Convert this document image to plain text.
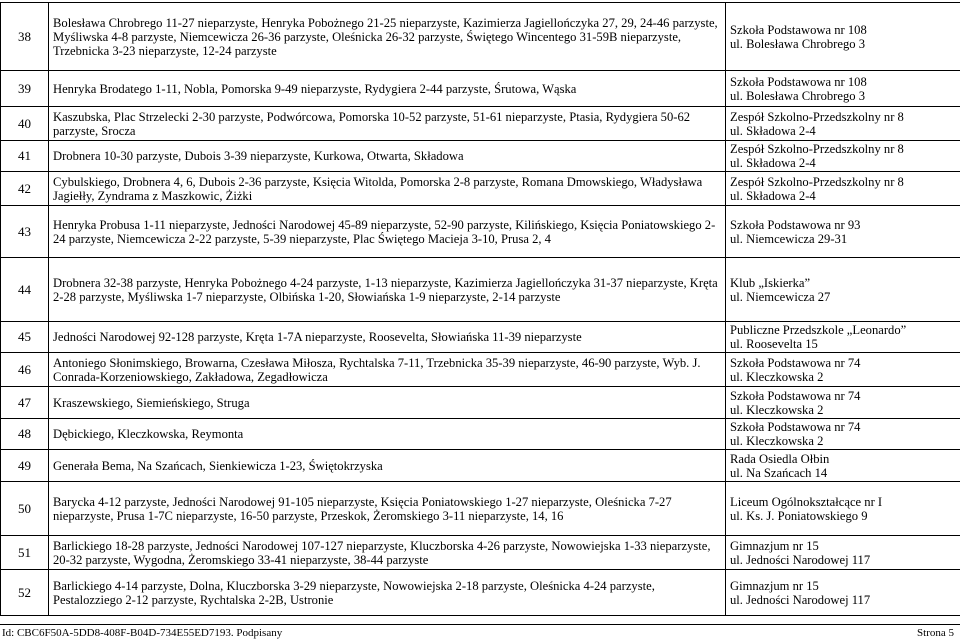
38	Bolesława Chrobrego 11-27 nieparzyste, Henryka Pobożnego 21-25 nieparzyste, Kazimierza Jagiellończyka 27, 29, 24-46 parzyste, Myśliwska 4-8 parzyste, Niemcewicza 26-36 parzyste, Oleśnicka 26-32 parzyste, Świętego Wincentego 31-59B nieparzyste, Trzebnicka 3-23 nieparzyste, 12-24 parzyste	Szkoła Podstawowa nr 108
ul. Bolesława Chrobrego 3

39	Henryka Brodatego 1-11, Nobla, Pomorska 9-49 nieparzyste, Rydygiera 2-44 parzyste, Śrutowa, Wąska	Szkoła Podstawowa nr 108
ul. Bolesława Chrobrego 3

40	Kaszubska, Plac Strzelecki 2-30 parzyste, Podwórcowa, Pomorska 10-52 parzyste, 51-61 nieparzyste, Ptasia, Rydygiera 50-62 parzyste, Srocza	Zespół Szkolno-Przedszkolny nr 8
ul. Składowa 2-4

41	Drobnera 10-30 parzyste, Dubois 3-39 nieparzyste, Kurkowa, Otwarta, Składowa	Zespół Szkolno-Przedszkolny nr 8
ul. Składowa 2-4

42	Cybulskiego, Drobnera 4, 6, Dubois 2-36 parzyste, Księcia Witolda, Pomorska 2-8 parzyste, Romana Dmowskiego, Władysława Jagiełły, Zyndrama z Maszkowic, Żiżki	Zespół Szkolno-Przedszkolny nr 8
ul. Składowa 2-4

43	Henryka Probusa 1-11 nieparzyste, Jedności Narodowej 45-89 nieparzyste, 52-90 parzyste, Kilińskiego, Księcia Poniatowskiego 2-24 parzyste, Niemcewicza 2-22 parzyste, 5-39 nieparzyste, Plac Świętego Macieja 3-10, Prusa 2, 4	Szkoła Podstawowa nr 93
ul. Niemcewicza 29-31

44	Drobnera 32-38 parzyste, Henryka Pobożnego 4-24 parzyste, 1-13 nieparzyste, Kazimierza Jagiellończyka 31-37 nieparzyste, Kręta 2-28 parzyste, Myśliwska 1-7 nieparzyste, Olbińska 1-20, Słowiańska 1-9 nieparzyste, 2-14 parzyste	Klub „Iskierka”
ul. Niemcewicza 27

45	Jedności Narodowej 92-128 parzyste, Kręta 1-7A nieparzyste, Roosevelta, Słowiańska 11-39 nieparzyste	Publiczne Przedszkole „Leonardo”
ul. Roosevelta 15

46	Antoniego Słonimskiego, Browarna, Czesława Miłosza, Rychtalska 7-11, Trzebnicka 35-39 nieparzyste, 46-90 parzyste, Wyb. J. Conrada-Korzeniowskiego, Zakładowa, Zegadłowicza	Szkoła Podstawowa nr 74
ul. Kleczkowska 2

47	Kraszewskiego, Siemieńskiego, Struga	Szkoła Podstawowa nr 74
ul. Kleczkowska 2

48	Dębickiego, Kleczkowska, Reymonta	Szkoła Podstawowa nr 74
ul. Kleczkowska 2

49	Generała Bema, Na Szańcach, Sienkiewicza 1-23, Świętokrzyska	Rada Osiedla Ołbin
ul. Na Szańcach 14

50	Barycka 4-12 parzyste, Jedności Narodowej 91-105 nieparzyste, Księcia Poniatowskiego 1-27 nieparzyste, Oleśnicka 7-27 nieparzyste, Prusa 1-7C nieparzyste, 16-50 parzyste, Przeskok, Żeromskiego 3-11 nieparzyste, 14, 16	Liceum Ogólnokształcące nr I
ul. Ks. J. Poniatowskiego 9

51	Barlickiego 18-28 parzyste, Jedności Narodowej 107-127 nieparzyste, Kluczborska 4-26 parzyste, Nowowiejska 1-33 nieparzyste, 20-32 parzyste, Wygodna, Żeromskiego 33-41 nieparzyste, 38-44 parzyste	Gimnazjum nr 15
ul. Jedności Narodowej 117

52	Barlickiego 4-14 parzyste, Dolna, Kluczborska 3-29 nieparzyste, Nowowiejska 2-18 parzyste, Oleśnicka 4-24 parzyste, Pestalozziego 2-12 parzyste, Rychtalska 2-2B, Ustronie	Gimnazjum nr 15
ul. Jedności Narodowej 117
Id: CBC6F50A-5DD8-408F-B04D-734E55ED7193. Podpisany	Strona 5
